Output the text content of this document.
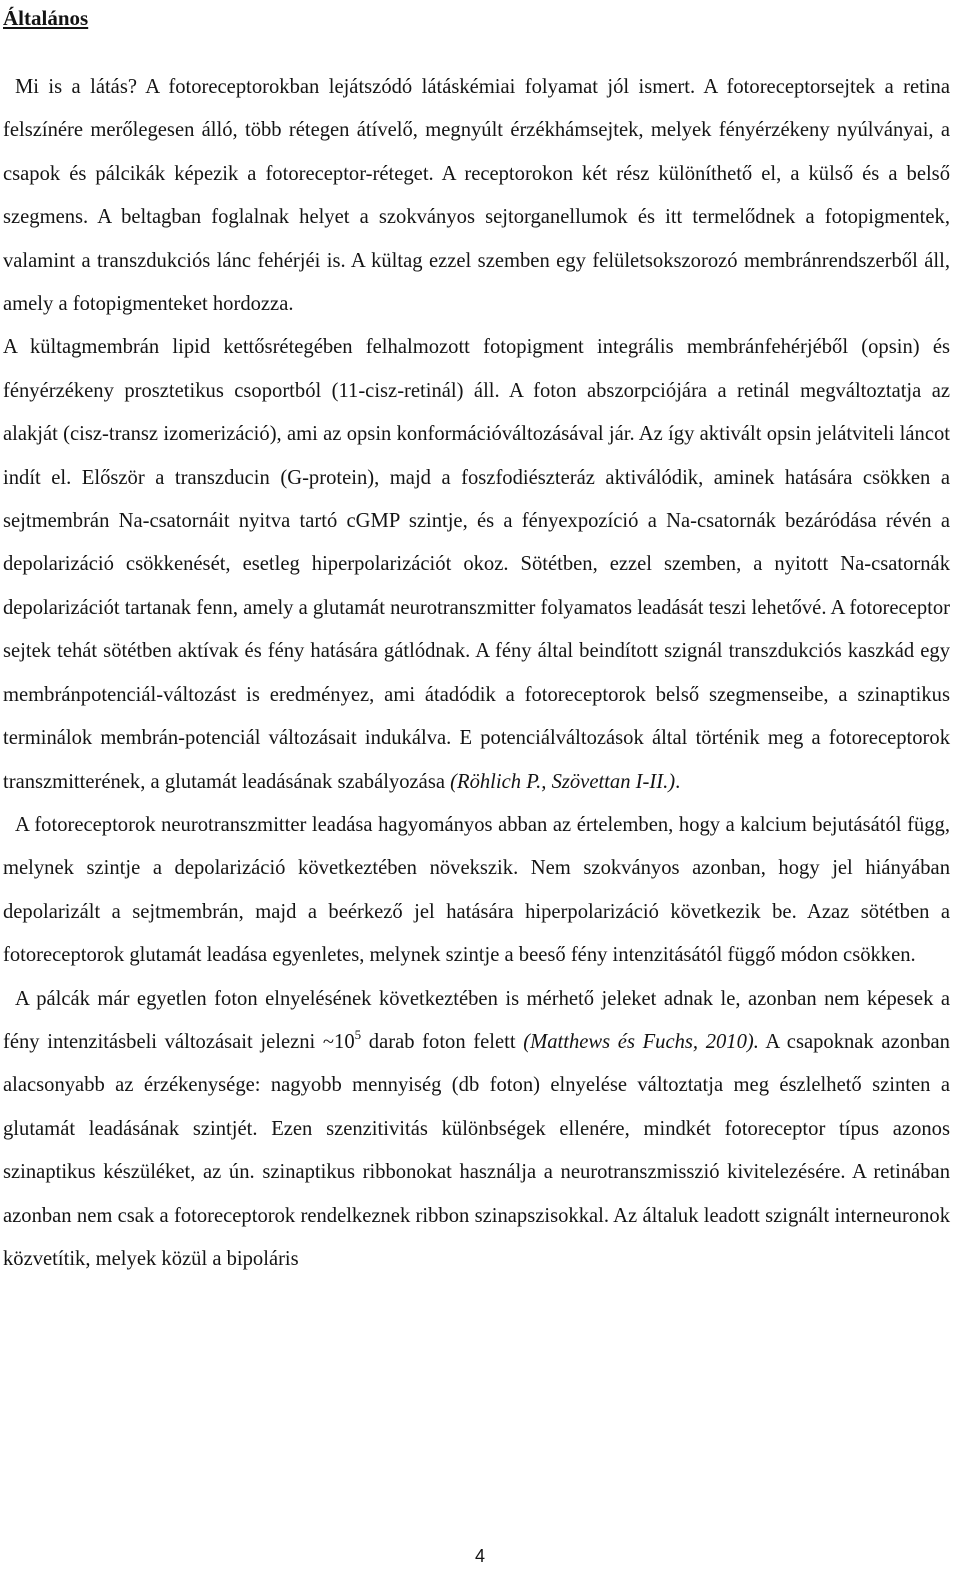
Általános

Mi is a látás? A fotoreceptorokban lejátszódó látáskémiai folyamat jól ismert. A fotoreceptorsejtek a retina felszínére merőlegesen álló, több rétegen átívelő, megnyúlt érzékhámsejtek, melyek fényérzékeny nyúlványai, a csapok és pálcikák képezik a fotoreceptor-réteget. A receptorokon két rész különíthető el, a külső és a belső szegmens. A beltagban foglalnak helyet a szokványos sejtorganellumok és itt termelődnek a fotopigmentek, valamint a transzdukciós lánc fehérjéi is. A kültag ezzel szemben egy felületsokszorozó membránrendszerből áll, amely a fotopigmenteket hordozza.
A kültagmembrán lipid kettősrétegében felhalmozott fotopigment integrális membránfehérjéből (opsin) és fényérzékeny prosztetikus csoportból (11-cisz-retinál) áll. A foton abszorpciójára a retinál megváltoztatja az alakját (cisz-transz izomerizáció), ami az opsin konformációváltozásával jár. Az így aktivált opsin jelátviteli láncot indít el. Először a transzducin (G-protein), majd a foszfodiészteráz aktiválódik, aminek hatására csökken a sejtmembrán Na-csatornáit nyitva tartó cGMP szintje, és a fényexpozíció a Na-csatornák bezáródása révén a depolarizáció csökkenését, esetleg hiperpolarizációt okoz. Sötétben, ezzel szemben, a nyitott Na-csatornák depolarizációt tartanak fenn, amely a glutamát neurotranszmitter folyamatos leadását teszi lehetővé. A fotoreceptor sejtek tehát sötétben aktívak és fény hatására gátlódnak. A fény által beindított szignál transzdukciós kaszkád egy membránpotenciál-változást is eredményez, ami átadódik a fotoreceptorok belső szegmenseibe, a szinaptikus terminálok membrán-potenciál változásait indukálva. E potenciálváltozások által történik meg a fotoreceptorok transzmitterének, a glutamát leadásának szabályozása (Röhlich P., Szövettan I-II.).

A fotoreceptorok neurotranszmitter leadása hagyományos abban az értelemben, hogy a kalcium bejutásától függ, melynek szintje a depolarizáció következtében növekszik. Nem szokványos azonban, hogy jel hiányában depolarizált a sejtmembrán, majd a beérkező jel hatására hiperpolarizáció következik be. Azaz sötétben a fotoreceptorok glutamát leadása egyenletes, melynek szintje a beeső fény intenzitásától függő módon csökken.

A pálcák már egyetlen foton elnyelésének következtében is mérhető jeleket adnak le, azonban nem képesek a fény intenzitásbeli változásait jelezni $\sim 10^5$ darab foton felett (Matthews és Fuchs, 2010). A csapoknak azonban alacsonyabb az érzékenysége: nagyobb mennyiség (db foton) elnyelése változtatja meg észlelhető szinten a glutamát leadásának szintjét. Ezen szenzitivitás különbségek ellenére, mindkét fotoreceptor típus azonos szinaptikus készüléket, az ún. szinaptikus ribbonokat használja a neurotranszmisszió kivitelezésére. A retinában azonban nem csak a fotoreceptorok rendelkeznek ribbon szinapszisokkal. Az általuk leadott szignált interneuronok közvetítik, melyek közül a bipoláris

4
